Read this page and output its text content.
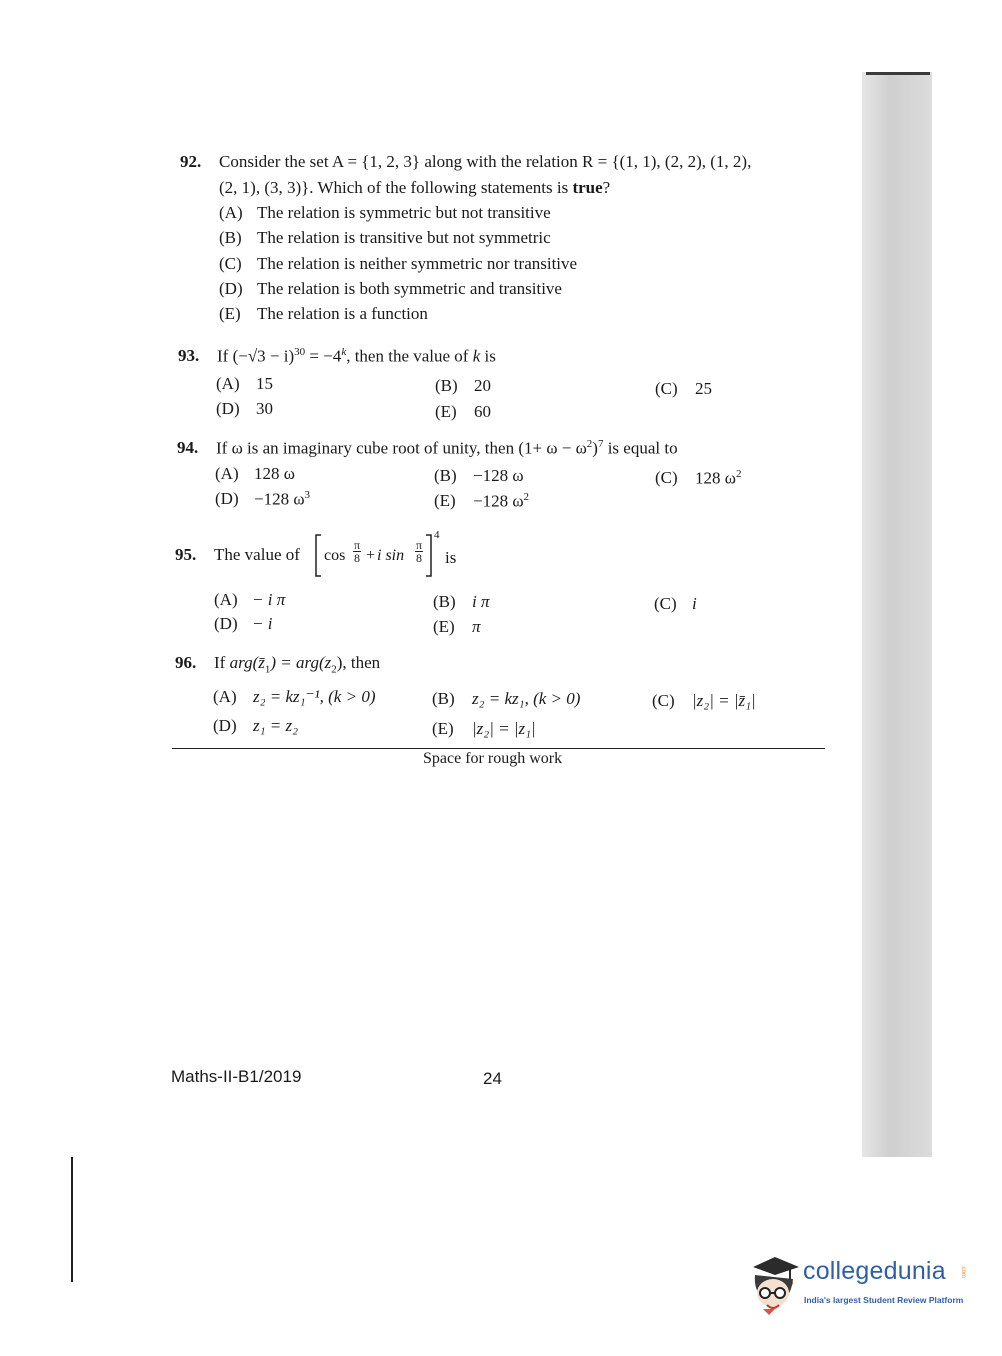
92. Consider the set A = {1, 2, 3} along with the relation R = {(1, 1), (2, 2), (1, 2),
(2, 1), (3, 3)}. Which of the following statements is true?
(A) The relation is symmetric but not transitive
(B) The relation is transitive but not symmetric
(C) The relation is neither symmetric nor transitive
(D) The relation is both symmetric and transitive
(E) The relation is a function
93. If $(-√3 - i)^{30} = -4^k$, then the value of k is
(A) 15	(B) 20	(C) 25
(D) 30	(E) 60
94. If ω is an imaginary cube root of unity, then $(1+ \omega - \omega^2)^7$ is equal to
(A) 128 ω	(B) −128 ω	(C) 128 $\omega^2$
(D) −128 $\omega^3$	(E) −128 $\omega^2$
95. The value of $\cos \frac{\pi}{8} + i$ $\sin \frac{\pi}{8}$
4
is
(A) − i π	(B) i π	(C) i
(D) − i	(E) π
96. If $arg(z̄_1) = arg(z_2)$, then
(A) z₂ = kz₁⁻¹, (k > 0)	(B) z₂ = kz₁, (k > 0)	(C) |z₂| = |z̄₁|
(D) z₁ = z₂	(E) |z₂| = |z₁|
Space for rough work
Maths-II-B1/2019	24
collegedunia .com
India's largest Student Review Platform
